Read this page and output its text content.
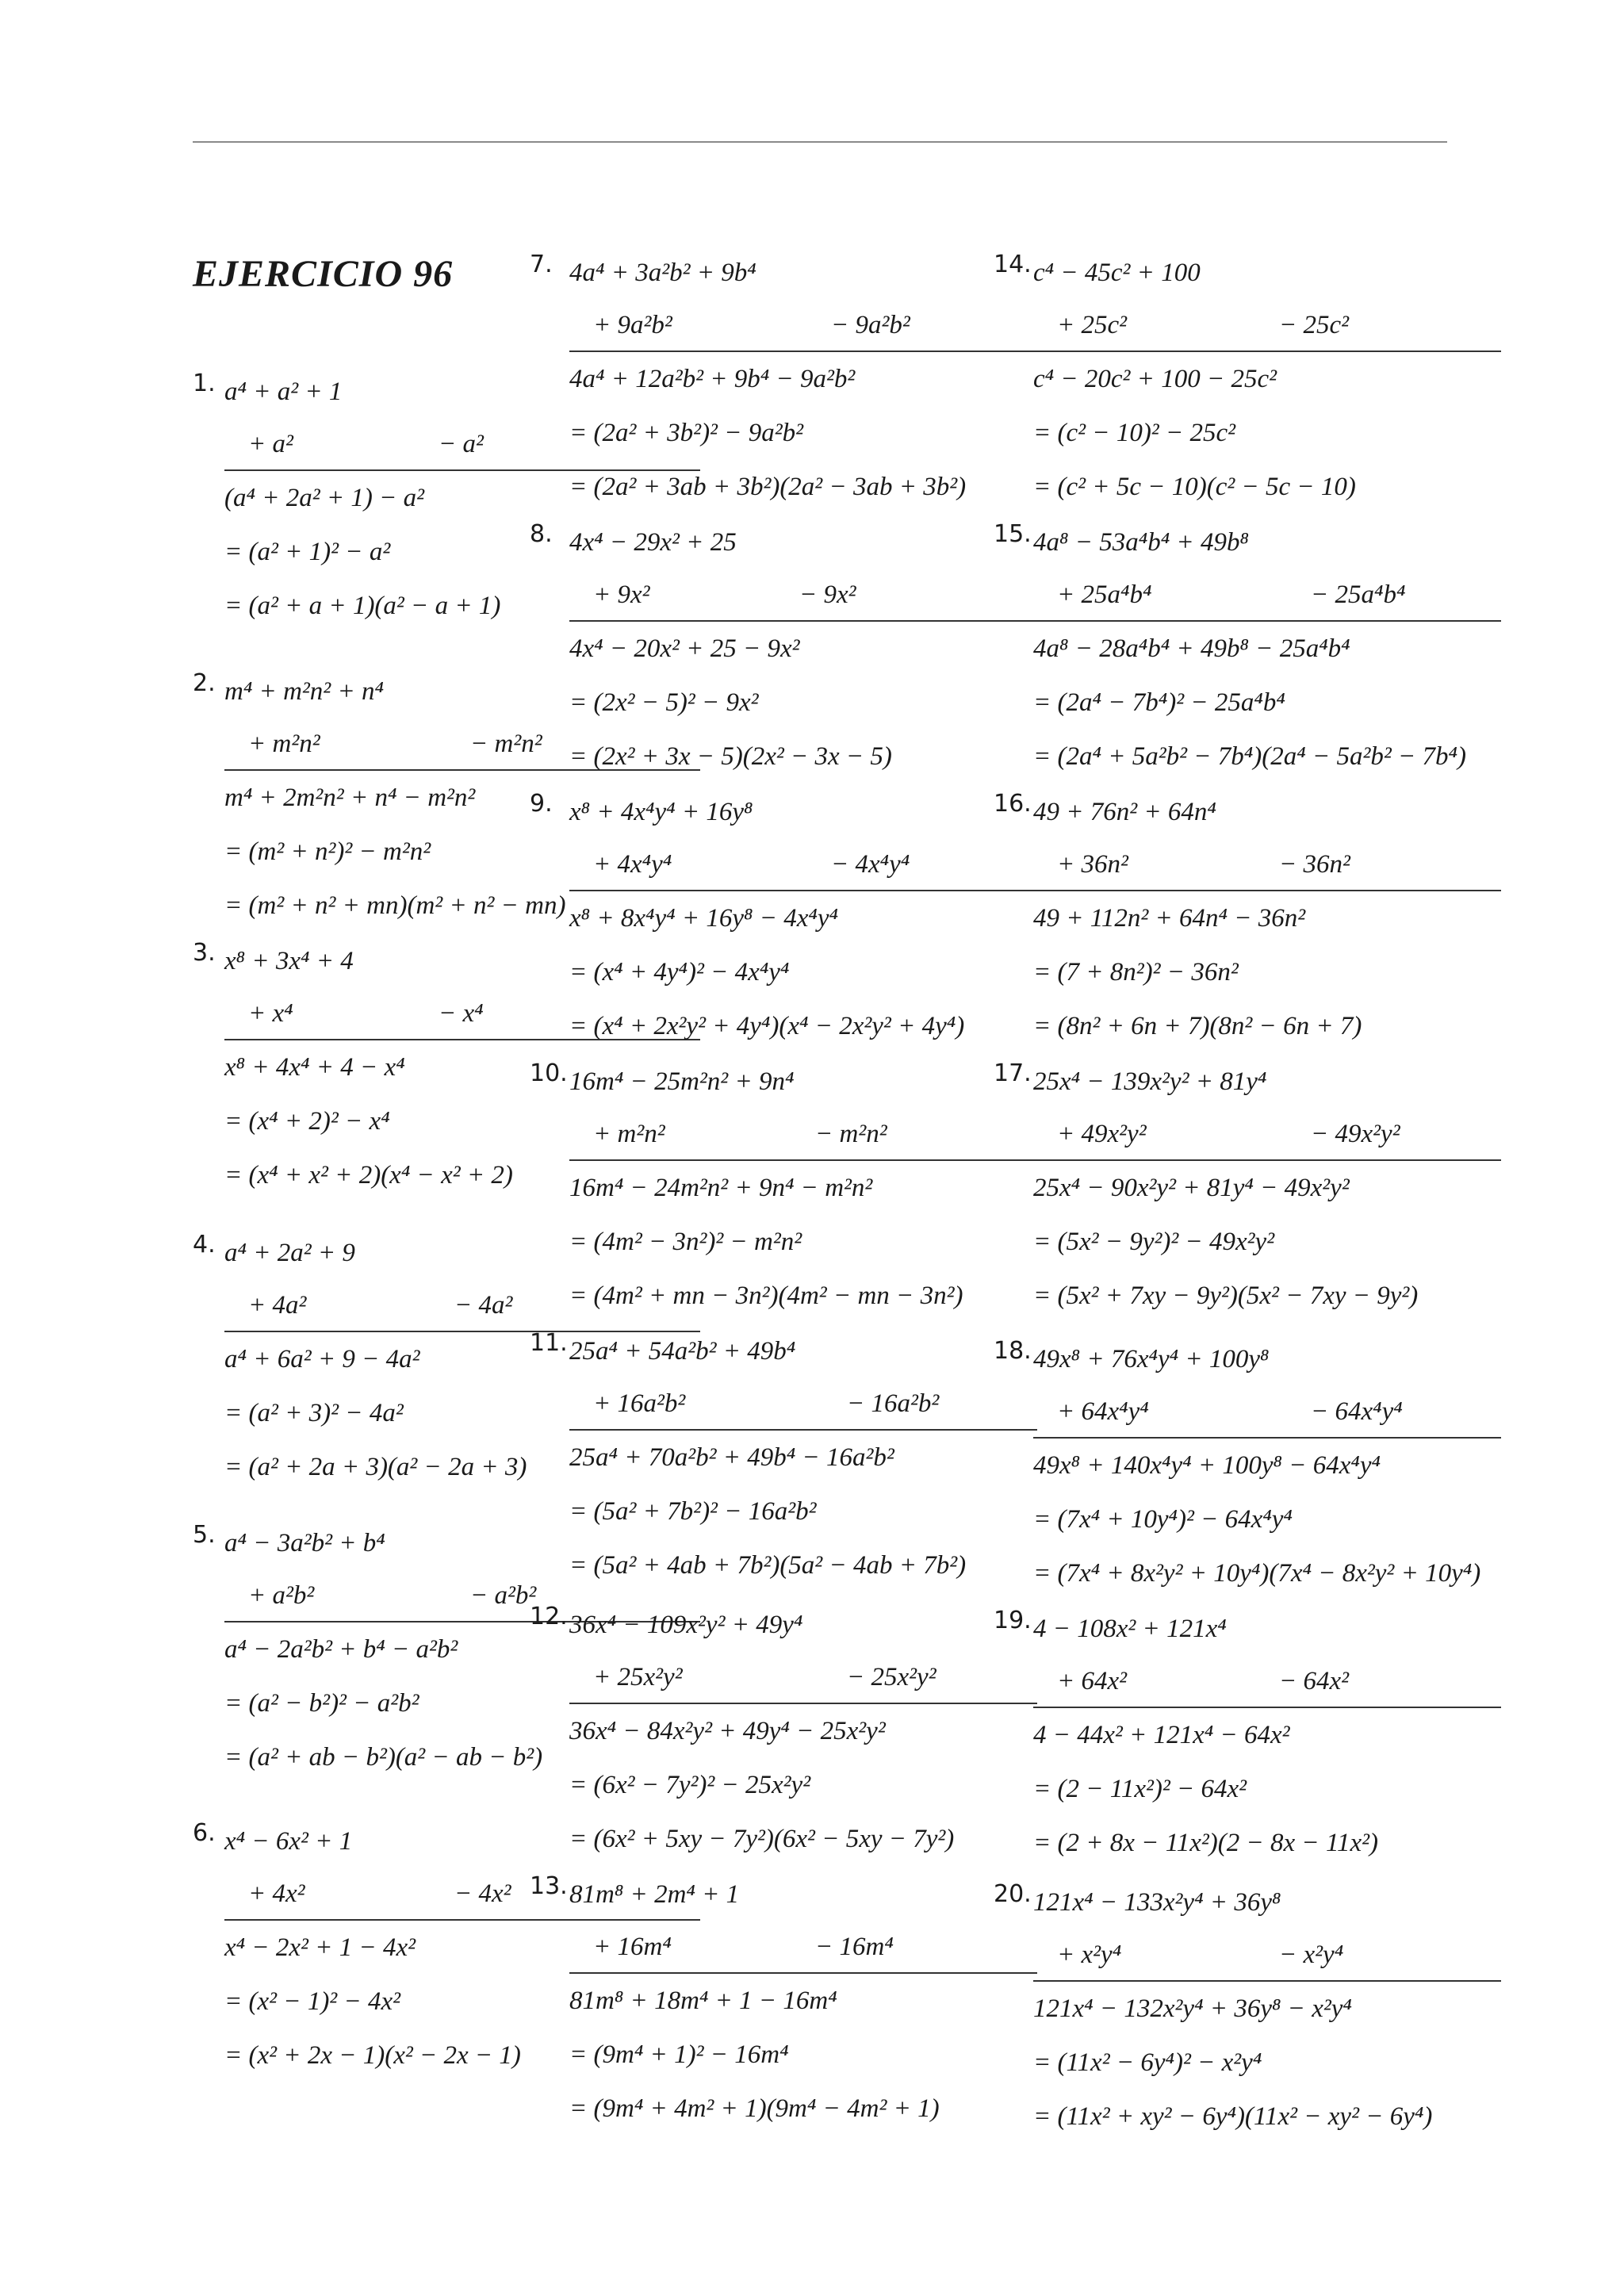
EJERCICIO 96
1. a⁴ + a² + 1
+ a²	− a²
(a⁴ + 2a² + 1) − a²
= (a² + 1)² − a²
= (a² + a + 1)(a² − a + 1)
2. m⁴ + m²n² + n⁴
+ m²n²	− m²n²
m⁴ + 2m²n² + n⁴ − m²n²
= (m² + n²)² − m²n²
= (m² + n² + mn)(m² + n² − mn)
3. x⁸ + 3x⁴ + 4
+ x⁴	− x⁴
x⁸ + 4x⁴ + 4 − x⁴
= (x⁴ + 2)² − x⁴
= (x⁴ + x² + 2)(x⁴ − x² + 2)
4. a⁴ + 2a² + 9
+ 4a²	− 4a²
a⁴ + 6a² + 9 − 4a²
= (a² + 3)² − 4a²
= (a² + 2a + 3)(a² − 2a + 3)
5. a⁴ − 3a²b² + b⁴
+ a²b²	− a²b²
a⁴ − 2a²b² + b⁴ − a²b²
= (a² − b²)² − a²b²
= (a² + ab − b²)(a² − ab − b²)
6. x⁴ − 6x² + 1
+ 4x²	− 4x²
x⁴ − 2x² + 1 − 4x²
= (x² − 1)² − 4x²
= (x² + 2x − 1)(x² − 2x − 1)
7. 4a⁴ + 3a²b² + 9b⁴
+ 9a²b²	− 9a²b²
4a⁴ + 12a²b² + 9b⁴ − 9a²b²
= (2a² + 3b²)² − 9a²b²
= (2a² + 3ab + 3b²)(2a² − 3ab + 3b²)
8. 4x⁴ − 29x² + 25
+ 9x²	− 9x²
4x⁴ − 20x² + 25 − 9x²
= (2x² − 5)² − 9x²
= (2x² + 3x − 5)(2x² − 3x − 5)
9. x⁸ + 4x⁴y⁴ + 16y⁸
+ 4x⁴y⁴	− 4x⁴y⁴
x⁸ + 8x⁴y⁴ + 16y⁸ − 4x⁴y⁴
= (x⁴ + 4y⁴)² − 4x⁴y⁴
= (x⁴ + 2x²y² + 4y⁴)(x⁴ − 2x²y² + 4y⁴)
10. 16m⁴ − 25m²n² + 9n⁴
+ m²n²	− m²n²
16m⁴ − 24m²n² + 9n⁴ − m²n²
= (4m² − 3n²)² − m²n²
= (4m² + mn − 3n²)(4m² − mn − 3n²)
11. 25a⁴ + 54a²b² + 49b⁴
+ 16a²b²	− 16a²b²
25a⁴ + 70a²b² + 49b⁴ − 16a²b²
= (5a² + 7b²)² − 16a²b²
= (5a² + 4ab + 7b²)(5a² − 4ab + 7b²)
12. 36x⁴ − 109x²y² + 49y⁴
+ 25x²y²	− 25x²y²
36x⁴ − 84x²y² + 49y⁴ − 25x²y²
= (6x² − 7y²)² − 25x²y²
= (6x² + 5xy − 7y²)(6x² − 5xy − 7y²)
13. 81m⁸ + 2m⁴ + 1
+ 16m⁴	− 16m⁴
81m⁸ + 18m⁴ + 1 − 16m⁴
= (9m⁴ + 1)² − 16m⁴
= (9m⁴ + 4m² + 1)(9m⁴ − 4m² + 1)
14. c⁴ − 45c² + 100
+ 25c²	− 25c²
c⁴ − 20c² + 100 − 25c²
= (c² − 10)² − 25c²
= (c² + 5c − 10)(c² − 5c − 10)
15. 4a⁸ − 53a⁴b⁴ + 49b⁸
+ 25a⁴b⁴	− 25a⁴b⁴
4a⁸ − 28a⁴b⁴ + 49b⁸ − 25a⁴b⁴
= (2a⁴ − 7b⁴)² − 25a⁴b⁴
= (2a⁴ + 5a²b² − 7b⁴)(2a⁴ − 5a²b² − 7b⁴)
16. 49 + 76n² + 64n⁴
+ 36n²	− 36n²
49 + 112n² + 64n⁴ − 36n²
= (7 + 8n²)² − 36n²
= (8n² + 6n + 7)(8n² − 6n + 7)
17. 25x⁴ − 139x²y² + 81y⁴
+ 49x²y²	− 49x²y²
25x⁴ − 90x²y² + 81y⁴ − 49x²y²
= (5x² − 9y²)² − 49x²y²
= (5x² + 7xy − 9y²)(5x² − 7xy − 9y²)
18. 49x⁸ + 76x⁴y⁴ + 100y⁸
+ 64x⁴y⁴	− 64x⁴y⁴
49x⁸ + 140x⁴y⁴ + 100y⁸ − 64x⁴y⁴
= (7x⁴ + 10y⁴)² − 64x⁴y⁴
= (7x⁴ + 8x²y² + 10y⁴)(7x⁴ − 8x²y² + 10y⁴)
19. 4 − 108x² + 121x⁴
+ 64x²	− 64x²
4 − 44x² + 121x⁴ − 64x²
= (2 − 11x²)² − 64x²
= (2 + 8x − 11x²)(2 − 8x − 11x²)
20. 121x⁴ − 133x²y⁴ + 36y⁸
+ x²y⁴	− x²y⁴
121x⁴ − 132x²y⁴ + 36y⁸ − x²y⁴
= (11x² − 6y⁴)² − x²y⁴
= (11x² + xy² − 6y⁴)(11x² − xy² − 6y⁴)
